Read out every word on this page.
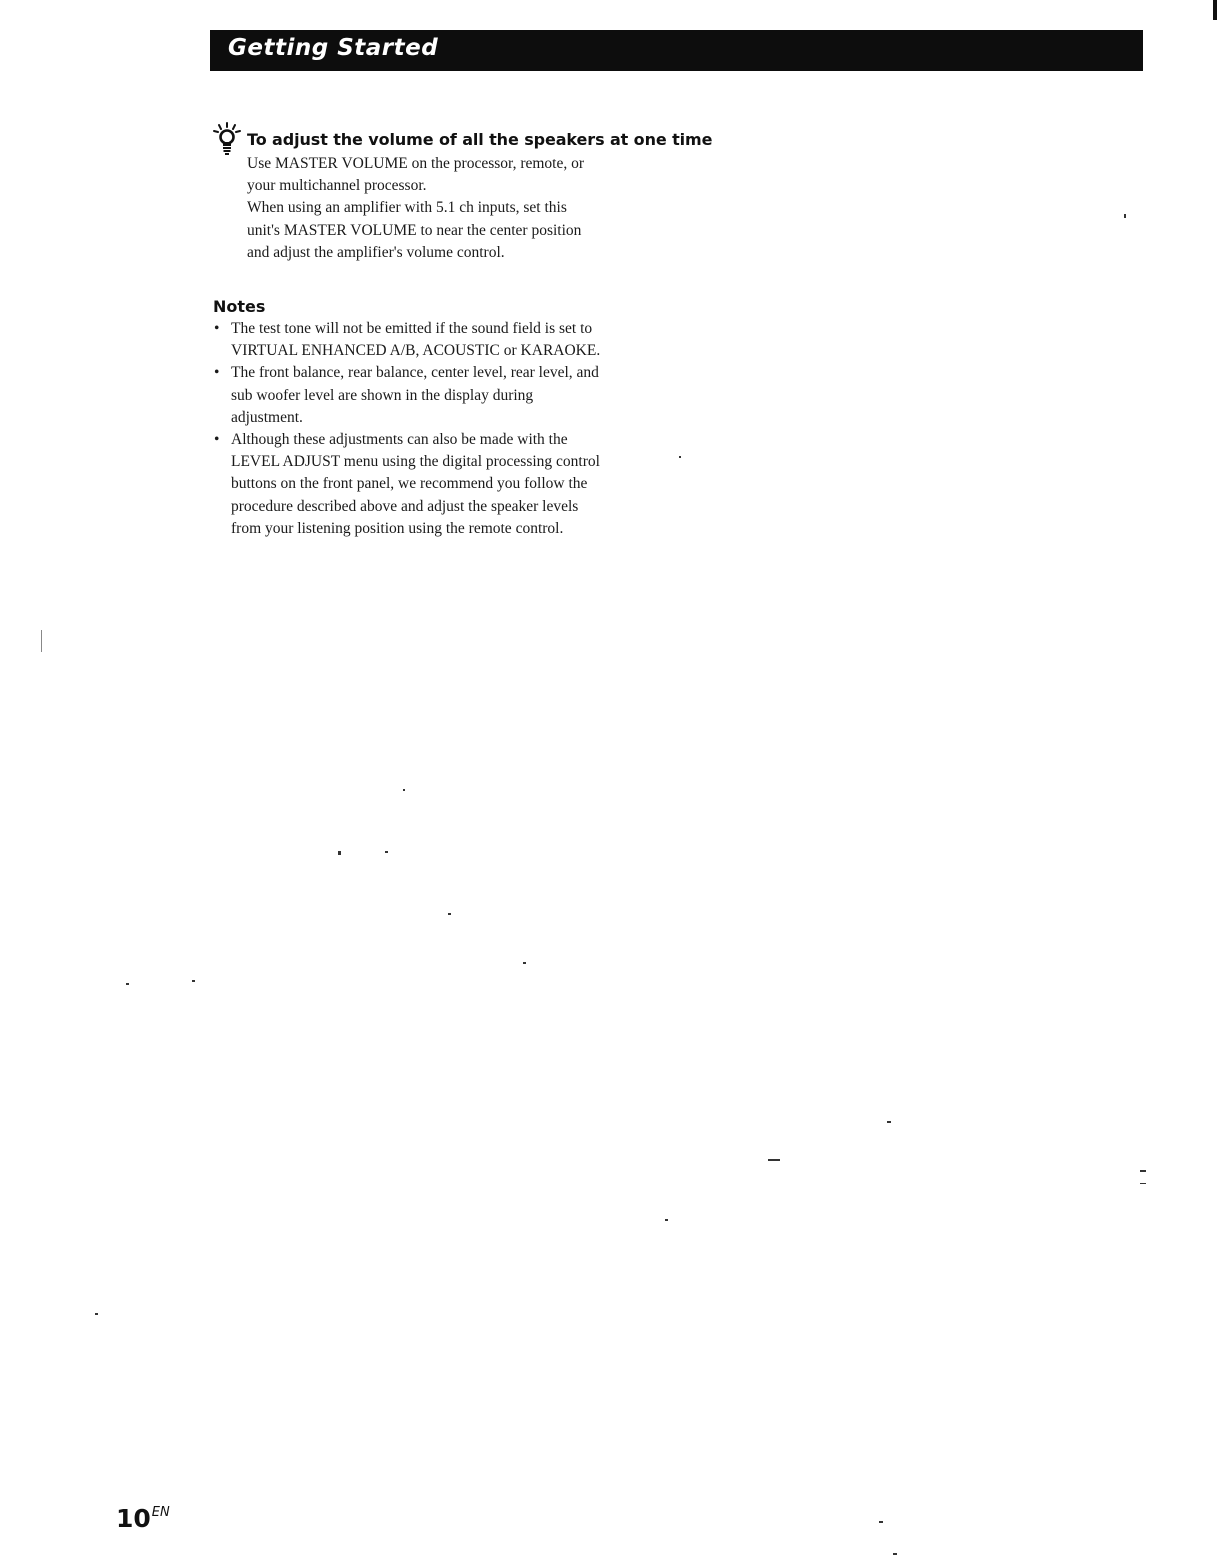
Getting Started
To adjust the volume of all the speakers at one time
Use MASTER VOLUME on the processor, remote, or
your multichannel processor.
When using an amplifier with 5.1 ch inputs, set this
unit's MASTER VOLUME to near the center position
and adjust the amplifier's volume control.
Notes
• The test tone will not be emitted if the sound field is set to
VIRTUAL ENHANCED A/B, ACOUSTIC or KARAOKE.
• The front balance, rear balance, center level, rear level, and
sub woofer level are shown in the display during
adjustment.
• Although these adjustments can also be made with the
LEVEL ADJUST menu using the digital processing control
buttons on the front panel, we recommend you follow the
procedure described above and adjust the speaker levels
from your listening position using the remote control.
$10^{EN}$
